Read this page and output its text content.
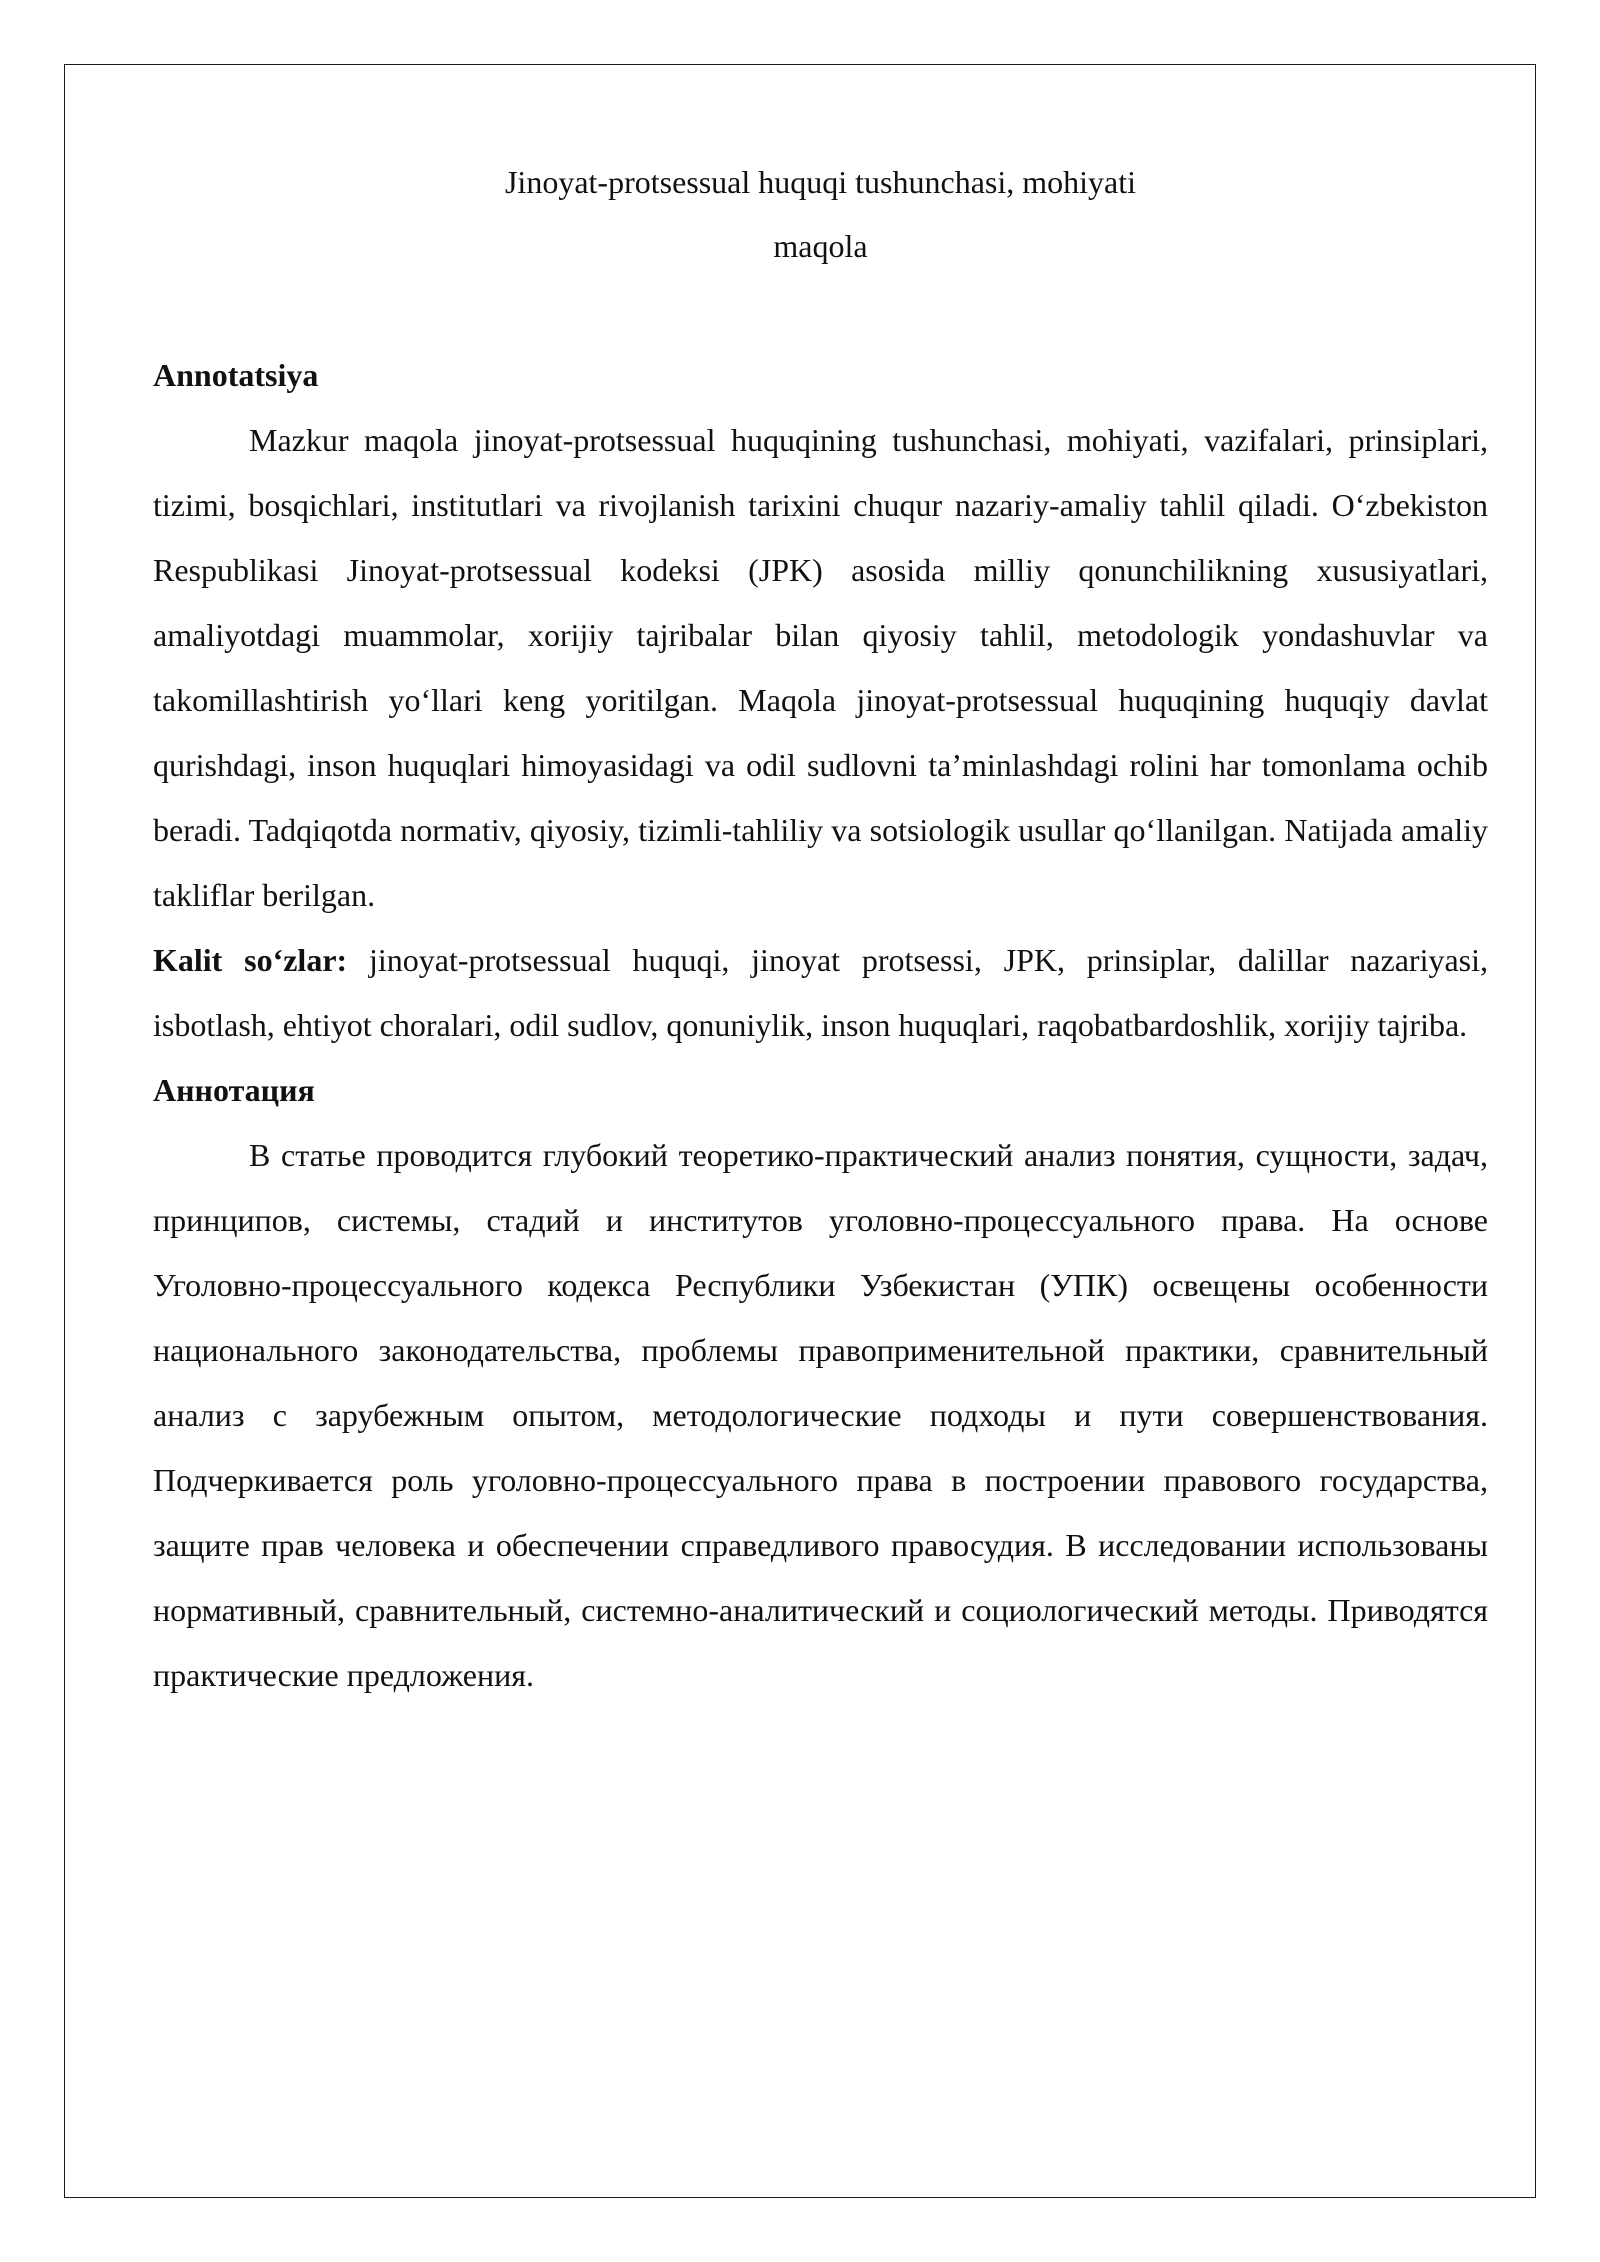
Jinoyat-protsessual huquqi tushunchasi, mohiyati

maqola

Annotatsiya

Mazkur maqola jinoyat-protsessual huquqining tushunchasi, mohiyati, vazifalari, prinsiplari, tizimi, bosqichlari, institutlari va rivojlanish tarixini chuqur nazariy-amaliy tahlil qiladi. O‘zbekiston Respublikasi Jinoyat-protsessual kodeksi (JPK) asosida milliy qonunchilikning xususiyatlari, amaliyotdagi muammolar, xorijiy tajribalar bilan qiyosiy tahlil, metodologik yondashuvlar va takomillashtirish yo‘llari keng yoritilgan. Maqola jinoyat-protsessual huquqining huquqiy davlat qurishdagi, inson huquqlari himoyasidagi va odil sudlovni ta’minlashdagi rolini har tomonlama ochib beradi. Tadqiqotda normativ, qiyosiy, tizimli-tahliliy va sotsiologik usullar qo‘llanilgan. Natijada amaliy takliflar berilgan.

Kalit so‘zlar: jinoyat-protsessual huquqi, jinoyat protsessi, JPK, prinsiplar, dalillar nazariyasi, isbotlash, ehtiyot choralari, odil sudlov, qonuniylik, inson huquqlari, raqobatbardoshlik, xorijiy tajriba.

Аннотация

В статье проводится глубокий теоретико-практический анализ понятия, сущности, задач, принципов, системы, стадий и институтов уголовно-процессуального права. На основе Уголовно-процессуального кодекса Республики Узбекистан (УПК) освещены особенности национального законодательства, проблемы правоприменительной практики, сравнительный анализ с зарубежным опытом, методологические подходы и пути совершенствования. Подчеркивается роль уголовно-процессуального права в построении правового государства, защите прав человека и обеспечении справедливого правосудия. В исследовании использованы нормативный, сравнительный, системно-аналитический и социологический методы. Приводятся практические предложения.
